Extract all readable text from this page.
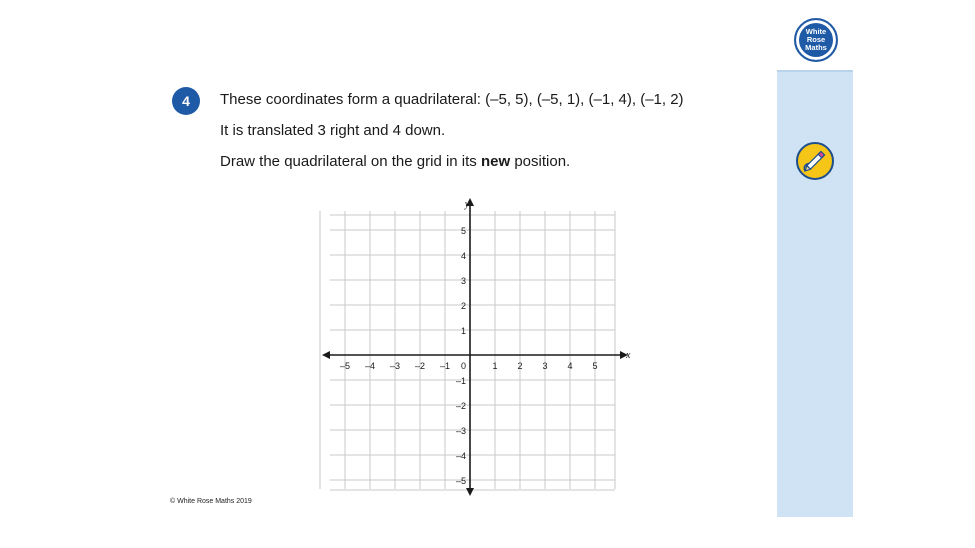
4	These coordinates form a quadrilateral: (–5, 5), (–5, 1), (–1, 4), (–1, 2)
It is translated 3 right and 4 down.
Draw the quadrilateral on the grid in its new position.
–5 –4 –3 –2 –1	1 2 3 4 5
5
4
3
2
1
–1
–2
–3
–4
–5
0
x
y
© White Rose Maths 2019
White
Rose
Maths
